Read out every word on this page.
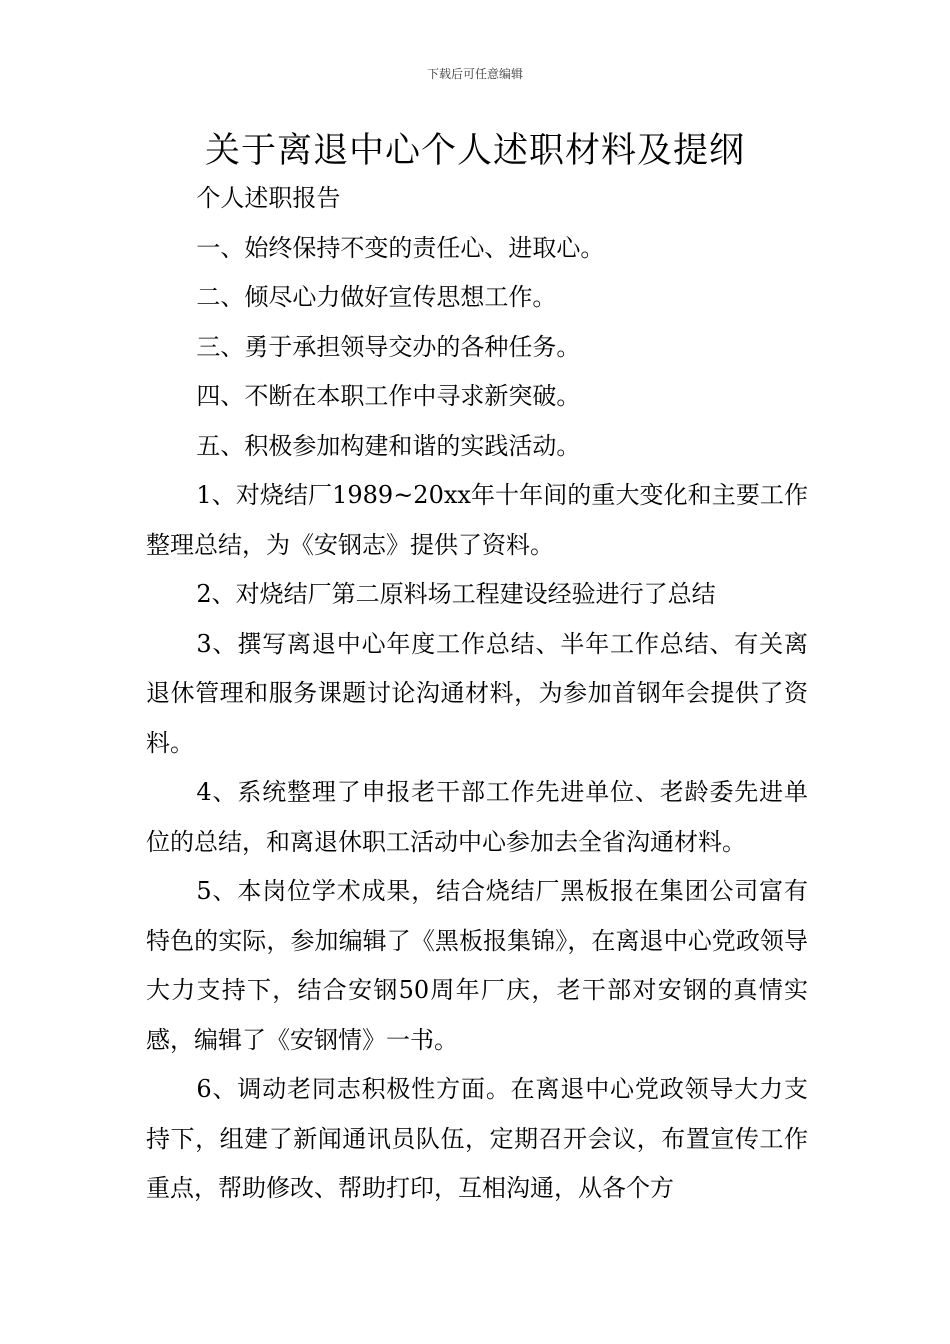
下载后可任意编辑
关于离退中心个人述职材料及提纲

个人述职报告

一、始终保持不变的责任心、进取心。

二、倾尽心力做好宣传思想工作。

三、勇于承担领导交办的各种任务。

四、不断在本职工作中寻求新突破。

五、积极参加构建和谐的实践活动。

1、对烧结厂1989~20xx年十年间的重大变化和主要工作整理总结，为《安钢志》提供了资料。

2、对烧结厂第二原料场工程建设经验进行了总结

3、撰写离退中心年度工作总结、半年工作总结、有关离退休管理和服务课题讨论沟通材料，为参加首钢年会提供了资料。

4、系统整理了申报老干部工作先进单位、老龄委先进单位的总结，和离退休职工活动中心参加去全省沟通材料。

5、本岗位学术成果，结合烧结厂黑板报在集团公司富有特色的实际，参加编辑了《黑板报集锦》，在离退中心党政领导大力支持下，结合安钢50周年厂庆，老干部对安钢的真情实感，编辑了《安钢情》一书。

6、调动老同志积极性方面。在离退中心党政领导大力支持下，组建了新闻通讯员队伍，定期召开会议，布置宣传工作重点，帮助修改、帮助打印，互相沟通，从各个方
